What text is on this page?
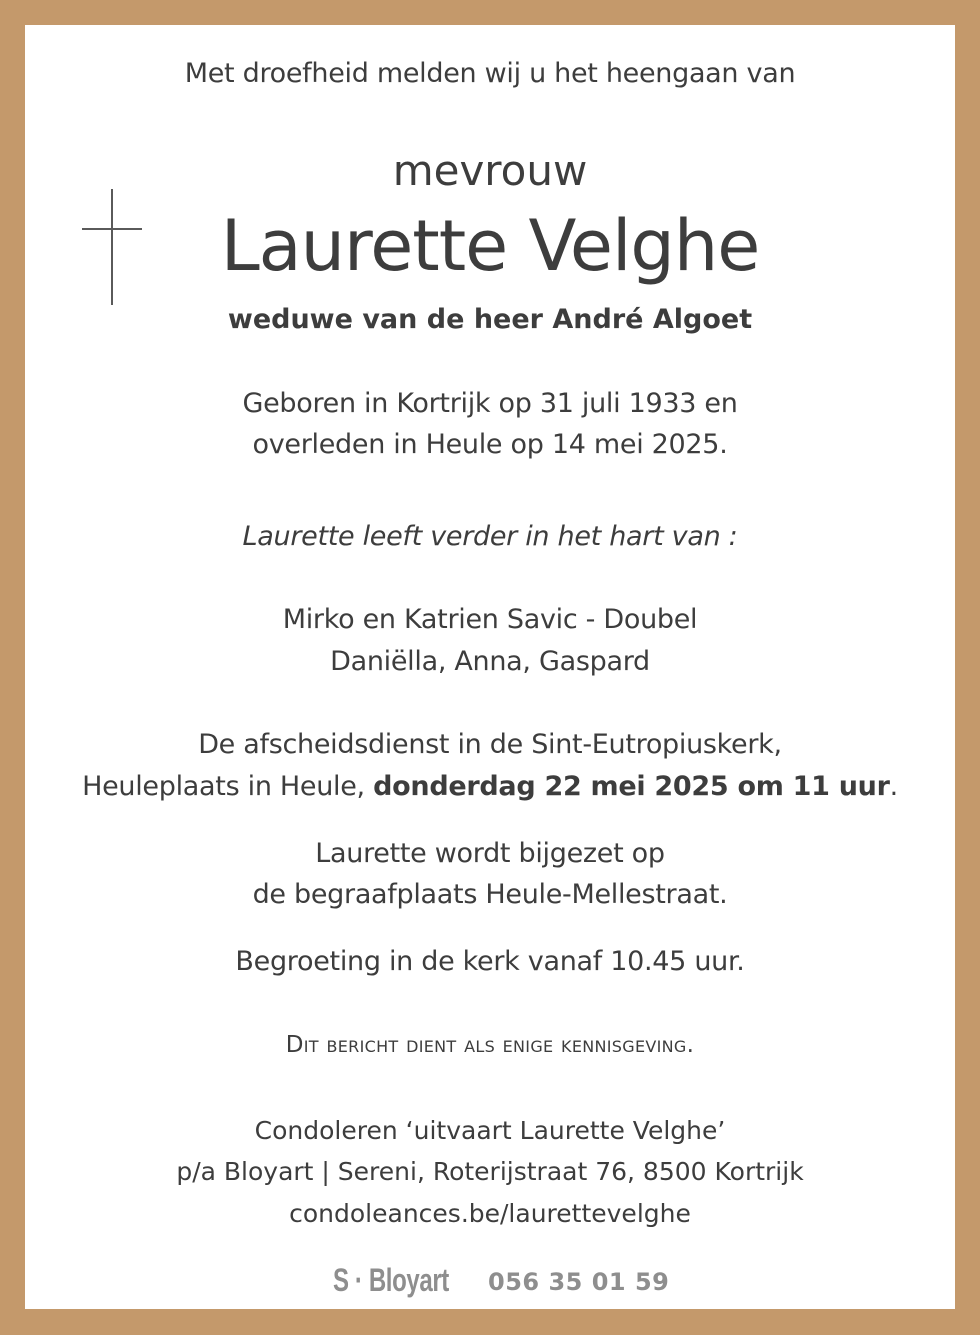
Met droefheid melden wij u het heengaan van
mevrouw
Laurette Velghe
weduwe van de heer André Algoet
Geboren in Kortrijk op 31 juli 1933 en
overleden in Heule op 14 mei 2025.
Laurette leeft verder in het hart van :
Mirko en Katrien Savic - Doubel
Daniëlla, Anna, Gaspard
De afscheidsdienst in de Sint-Eutropiuskerk,
Heuleplaats in Heule, donderdag 22 mei 2025 om 11 uur.
Laurette wordt bijgezet op
de begraafplaats Heule-Mellestraat.
Begroeting in de kerk vanaf 10.45 uur.
Dit bericht dient als enige kennisgeving.
Condoleren ‘uitvaart Laurette Velghe’
p/a Bloyart | Sereni, Roterijstraat 76, 8500 Kortrijk
condoleances.be/laurettevelghe
S · Bloyart 056 35 01 59
